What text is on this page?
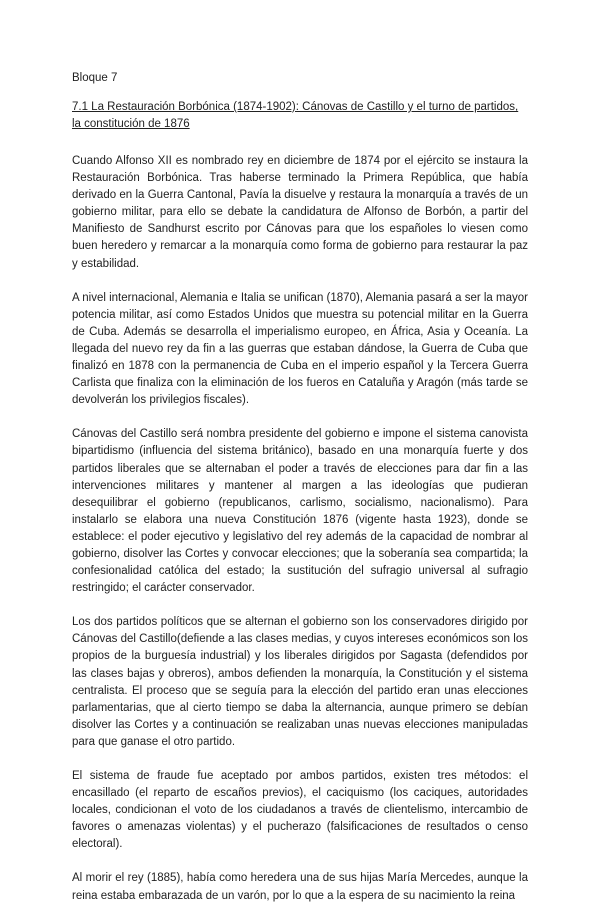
Bloque 7

7.1 La Restauración Borbónica (1874-1902): Cánovas de Castillo y el turno de partidos, la constitución de 1876

Cuando Alfonso XII es nombrado rey en diciembre de 1874 por el ejército se instaura la Restauración Borbónica. Tras haberse terminado la Primera República, que había derivado en la Guerra Cantonal, Pavía la disuelve y restaura la monarquía a través de un gobierno militar, para ello se debate la candidatura de Alfonso de Borbón, a partir del Manifiesto de Sandhurst escrito por Cánovas para que los españoles lo viesen como buen heredero y remarcar a la monarquía como forma de gobierno para restaurar la paz y estabilidad.

A nivel internacional, Alemania e Italia se unifican (1870), Alemania pasará a ser la mayor potencia militar, así como Estados Unidos que muestra su potencial militar en la Guerra de Cuba. Además se desarrolla el imperialismo europeo, en África, Asia y Oceanía. La llegada del nuevo rey da fin a las guerras que estaban dándose, la Guerra de Cuba que finalizó en 1878 con la permanencia de Cuba en el imperio español y la Tercera Guerra Carlista que finaliza con la eliminación de los fueros en Cataluña y Aragón (más tarde se devolverán los privilegios fiscales).

Cánovas del Castillo será nombra presidente del gobierno e impone el sistema canovista bipartidismo (influencia del sistema británico), basado en una monarquía fuerte y dos partidos liberales que se alternaban el poder a través de elecciones para dar fin a las intervenciones militares y mantener al margen a las ideologías que pudieran desequilibrar el gobierno (republicanos, carlismo, socialismo, nacionalismo). Para instalarlo se elabora una nueva Constitución 1876 (vigente hasta 1923), donde se establece: el poder ejecutivo y legislativo del rey además de la capacidad de nombrar al gobierno, disolver las Cortes y convocar elecciones; que la soberanía sea compartida; la confesionalidad católica del estado; la sustitución del sufragio universal al sufragio restringido; el carácter conservador.

Los dos partidos políticos que se alternan el gobierno son los conservadores dirigido por Cánovas del Castillo(defiende a las clases medias, y cuyos intereses económicos son los propios de la burguesía industrial) y los liberales dirigidos por Sagasta (defendidos por las clases bajas y obreros), ambos defienden la monarquía, la Constitución y el sistema centralista. El proceso que se seguía para la elección del partido eran unas elecciones parlamentarias, que al cierto tiempo se daba la alternancia, aunque primero se debían disolver las Cortes y a continuación se realizaban unas nuevas elecciones manipuladas para que ganase el otro partido.

El sistema de fraude fue aceptado por ambos partidos, existen tres métodos: el encasillado (el reparto de escaños previos), el caciquismo (los caciques, autoridades locales, condicionan el voto de los ciudadanos a través de clientelismo, intercambio de favores o amenazas violentas) y el pucherazo (falsificaciones de resultados o censo electoral).

Al morir el rey (1885), había como heredera una de sus hijas María Mercedes, aunque la reina estaba embarazada de un varón, por lo que a la espera de su nacimiento la reina
